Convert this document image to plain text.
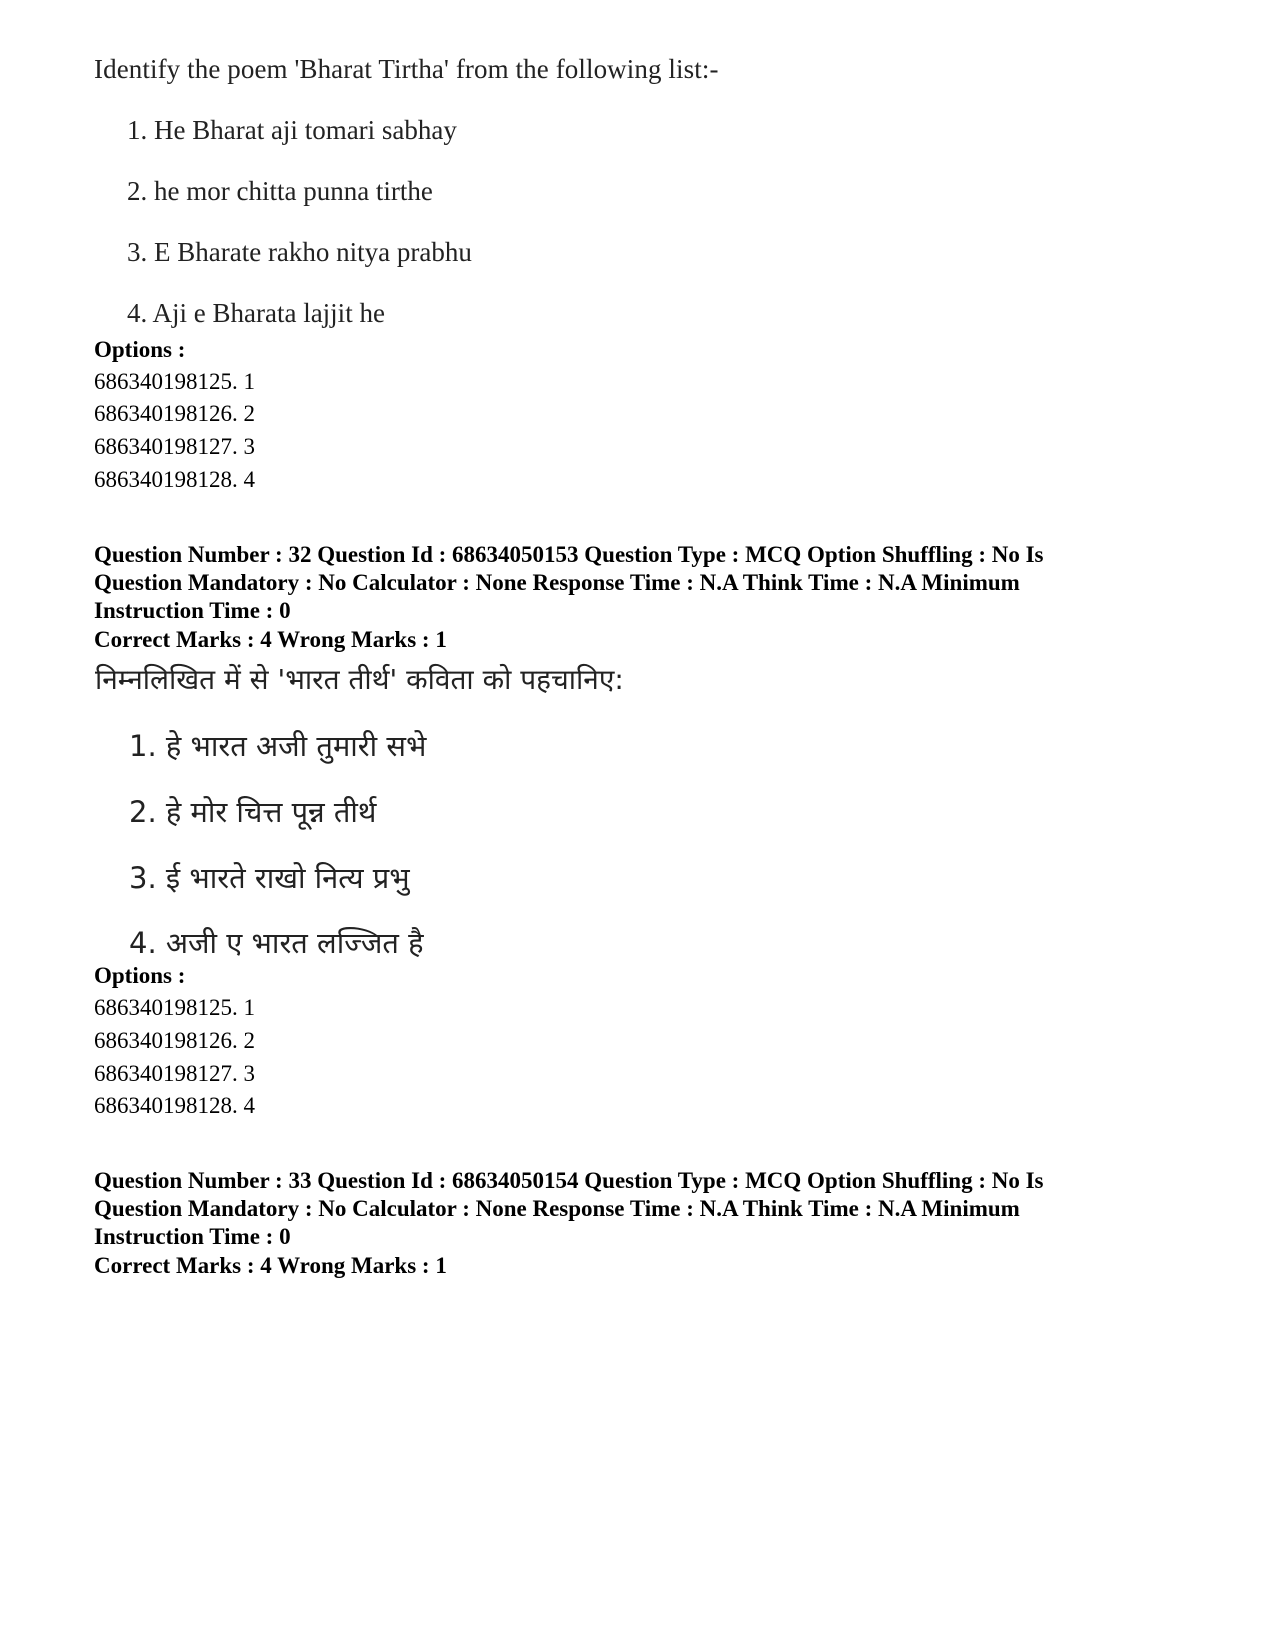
Identify the poem 'Bharat Tirtha' from the following list:-
1. He Bharat aji tomari sabhay
2. he mor chitta punna tirthe
3. E Bharate rakho nitya prabhu
4. Aji e Bharata lajjit he
Options :
686340198125. 1
686340198126. 2
686340198127. 3
686340198128. 4
Question Number : 32 Question Id : 68634050153 Question Type : MCQ Option Shuffling : No Is
Question Mandatory : No Calculator : None Response Time : N.A Think Time : N.A Minimum
Instruction Time : 0
Correct Marks : 4 Wrong Marks : 1
निम्नलिखित में से 'भारत तीर्थ' कविता को पहचानिए:
1. हे भारत अजी तुमारी सभे
2. हे मोर चित्त पून्न तीर्थ
3. ई भारते राखो नित्य प्रभु
4. अजी ए भारत लज्जित है
Options :
686340198125. 1
686340198126. 2
686340198127. 3
686340198128. 4
Question Number : 33 Question Id : 68634050154 Question Type : MCQ Option Shuffling : No Is
Question Mandatory : No Calculator : None Response Time : N.A Think Time : N.A Minimum
Instruction Time : 0
Correct Marks : 4 Wrong Marks : 1
